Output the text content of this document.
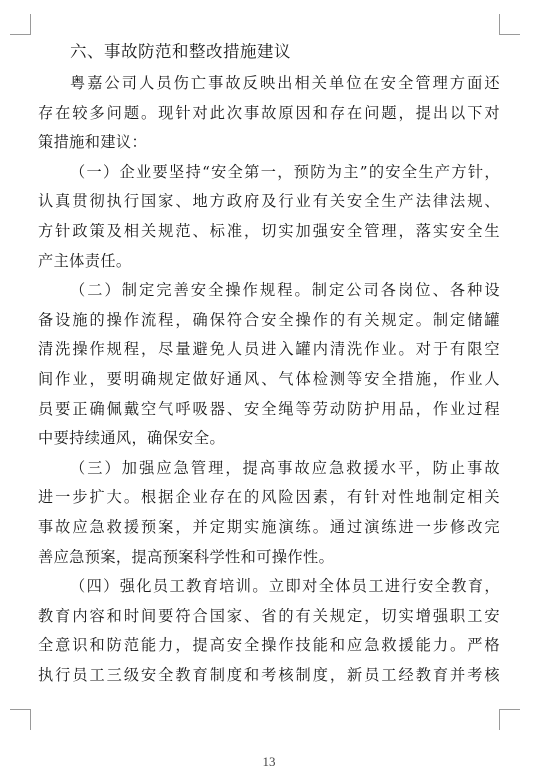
六、事故防范和整改措施建议

粤嘉公司人员伤亡事故反映出相关单位在安全管理方面还
存在较多问题。现针对此次事故原因和存在问题，提出以下对
策措施和建议：

（一）企业要坚持“安全第一，预防为主”的安全生产方针，
认真贯彻执行国家、地方政府及行业有关安全生产法律法规、
方针政策及相关规范、标准，切实加强安全管理，落实安全生
产主体责任。

（二）制定完善安全操作规程。制定公司各岗位、各种设
备设施的操作流程，确保符合安全操作的有关规定。制定储罐
清洗操作规程，尽量避免人员进入罐内清洗作业。对于有限空
间作业，要明确规定做好通风、气体检测等安全措施，作业人
员要正确佩戴空气呼吸器、安全绳等劳动防护用品，作业过程
中要持续通风，确保安全。

（三）加强应急管理，提高事故应急救援水平，防止事故
进一步扩大。根据企业存在的风险因素，有针对性地制定相关
事故应急救援预案，并定期实施演练。通过演练进一步修改完
善应急预案，提高预案科学性和可操作性。

（四）强化员工教育培训。立即对全体员工进行安全教育，
教育内容和时间要符合国家、省的有关规定，切实增强职工安
全意识和防范能力，提高安全操作技能和应急救援能力。严格
执行员工三级安全教育制度和考核制度，新员工经教育并考核

13
